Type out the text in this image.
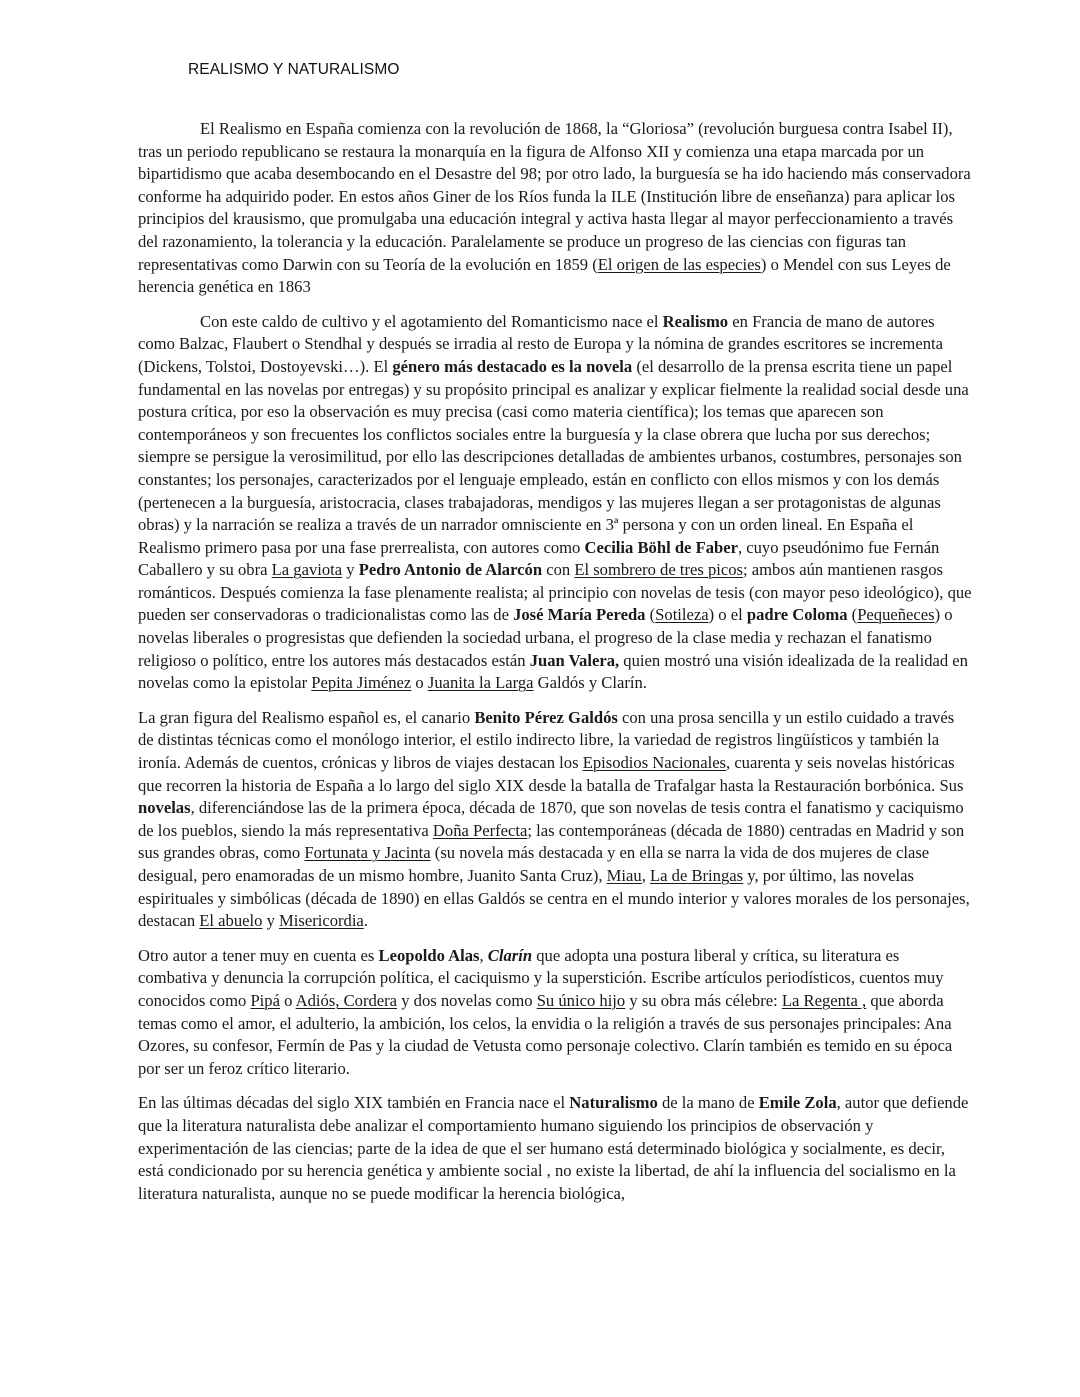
REALISMO Y NATURALISMO

El Realismo en España comienza con la revolución de 1868, la “Gloriosa” (revolución burguesa contra Isabel II), tras un periodo republicano se restaura la monarquía en la figura de Alfonso XII y comienza una etapa marcada por un bipartidismo que acaba desembocando en el Desastre del 98; por otro lado, la burguesía se ha ido haciendo más conservadora conforme ha adquirido poder. En estos años Giner de los Ríos funda la ILE (Institución libre de enseñanza) para aplicar los principios del krausismo, que promulgaba una educación integral y activa hasta llegar al mayor perfeccionamiento a través del razonamiento, la tolerancia y la educación. Paralelamente se produce un progreso de las ciencias con figuras tan representativas como Darwin con su Teoría de la evolución en 1859 (El origen de las especies) o Mendel con sus Leyes de herencia genética en 1863

Con este caldo de cultivo y el agotamiento del Romanticismo nace el Realismo en Francia de mano de autores como Balzac, Flaubert o Stendhal y después se irradia al resto de Europa y la nómina de grandes escritores se incrementa (Dickens, Tolstoi, Dostoyevski…). El género más destacado es la novela (el desarrollo de la prensa escrita tiene un papel fundamental en las novelas por entregas) y su propósito principal es analizar y explicar fielmente la realidad social desde una postura crítica, por eso la observación es muy precisa (casi como materia científica); los temas que aparecen son contemporáneos y son frecuentes los conflictos sociales entre la burguesía y la clase obrera que lucha por sus derechos; siempre se persigue la verosimilitud, por ello las descripciones detalladas de ambientes urbanos, costumbres, personajes son constantes; los personajes, caracterizados por el lenguaje empleado, están en conflicto con ellos mismos y con los demás (pertenecen a la burguesía, aristocracia, clases trabajadoras, mendigos y las mujeres llegan a ser protagonistas de algunas obras) y la narración se realiza a través de un narrador omnisciente en 3ª persona y con un orden lineal. En España el Realismo primero pasa por una fase prerrealista, con autores como Cecilia Böhl de Faber, cuyo pseudónimo fue Fernán Caballero y su obra La gaviota y Pedro Antonio de Alarcón con El sombrero de tres picos; ambos aún mantienen rasgos románticos. Después comienza la fase plenamente realista; al principio con novelas de tesis (con mayor peso ideológico), que pueden ser conservadoras o tradicionalistas como las de José María Pereda (Sotileza) o el padre Coloma (Pequeñeces) o novelas liberales o progresistas que defienden la sociedad urbana, el progreso de la clase media y rechazan el fanatismo religioso o político, entre los autores más destacados están Juan Valera, quien mostró una visión idealizada de la realidad en novelas como la epistolar Pepita Jiménez o Juanita la Larga Galdós y Clarín.

La gran figura del Realismo español es, el canario Benito Pérez Galdós con una prosa sencilla y un estilo cuidado a través de distintas técnicas como el monólogo interior, el estilo indirecto libre, la variedad de registros lingüísticos y también la ironía. Además de cuentos, crónicas y libros de viajes destacan los Episodios Nacionales, cuarenta y seis novelas históricas que recorren la historia de España a lo largo del siglo XIX desde la batalla de Trafalgar hasta la Restauración borbónica. Sus novelas, diferenciándose las de la primera época, década de 1870, que son novelas de tesis contra el fanatismo y caciquismo de los pueblos, siendo la más representativa Doña Perfecta; las contemporáneas (década de 1880) centradas en Madrid y son sus grandes obras, como Fortunata y Jacinta (su novela más destacada y en ella se narra la vida de dos mujeres de clase desigual, pero enamoradas de un mismo hombre, Juanito Santa Cruz), Miau, La de Bringas y, por último, las novelas espirituales y simbólicas (década de 1890) en ellas Galdós se centra en el mundo interior y valores morales de los personajes, destacan El abuelo y Misericordia.

Otro autor a tener muy en cuenta es Leopoldo Alas, Clarín que adopta una postura liberal y crítica, su literatura es combativa y denuncia la corrupción política, el caciquismo y la superstición. Escribe artículos periodísticos, cuentos muy conocidos como Pipá o Adiós, Cordera y dos novelas como Su único hijo y su obra más célebre: La Regenta , que aborda temas como el amor, el adulterio, la ambición, los celos, la envidia o la religión a través de sus personajes principales: Ana Ozores, su confesor, Fermín de Pas y la ciudad de Vetusta como personaje colectivo. Clarín también es temido en su época por ser un feroz crítico literario.

En las últimas décadas del siglo XIX también en Francia nace el Naturalismo de la mano de Emile Zola, autor que defiende que la literatura naturalista debe analizar el comportamiento humano siguiendo los principios de observación y experimentación de las ciencias; parte de la idea de que el ser humano está determinado biológica y socialmente, es decir, está condicionado por su herencia genética y ambiente social , no existe la libertad, de ahí la influencia del socialismo en la literatura naturalista, aunque no se puede modificar la herencia biológica,
